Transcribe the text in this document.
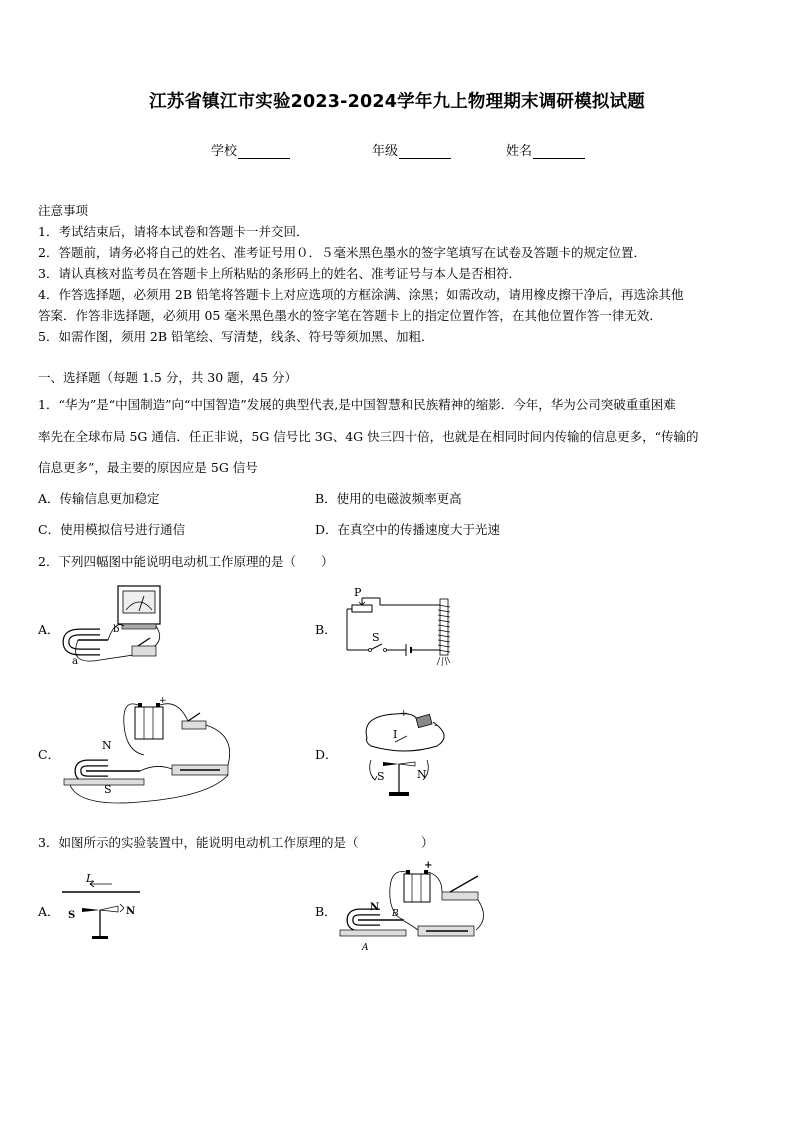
江苏省镇江市实验2023-2024学年九上物理期末调研模拟试题
学校	年级	姓名
注意事项
1．考试结束后，请将本试卷和答题卡一并交回．
2．答题前，请务必将自己的姓名、准考证号用０．５毫米黑色墨水的签字笔填写在试卷及答题卡的规定位置．
3．请认真核对监考员在答题卡上所粘贴的条形码上的姓名、准考证号与本人是否相符．
4．作答选择题，必须用 2B 铅笔将答题卡上对应选项的方框涂满、涂黑；如需改动，请用橡皮擦干净后，再选涂其他
答案．作答非选择题，必须用 05 毫米黑色墨水的签字笔在答题卡上的指定位置作答，在其他位置作答一律无效．
5．如需作图，须用 2B 铅笔绘、写清楚，线条、符号等须加黑、加粗．
一、选择题（每题 1.5 分，共 30 题，45 分）
1．“华为”是“中国制造”向“中国智造”发展的典型代表,是中国智慧和民族精神的缩影．今年，华为公司突破重重困难
率先在全球布局 5G 通信．任正非说，5G 信号比 3G、4G 快三四十倍，也就是在相同时间内传输的信息更多，“传输的
信息更多”，最主要的原因应是 5G 信号
A．传输信息更加稳定	B．使用的电磁波频率更高
C．使用模拟信号进行通信	D．在真空中的传播速度大于光速
2．下列四幅图中能说明电动机工作原理的是（　　）
A．	B．
C．	D．
b
a
P
S
+
N
S
+
-
I
S	N
3．如图所示的实验装置中，能说明电动机工作原理的是（　　　　　）
A．	B．
L
S	N
+
N
B
A
